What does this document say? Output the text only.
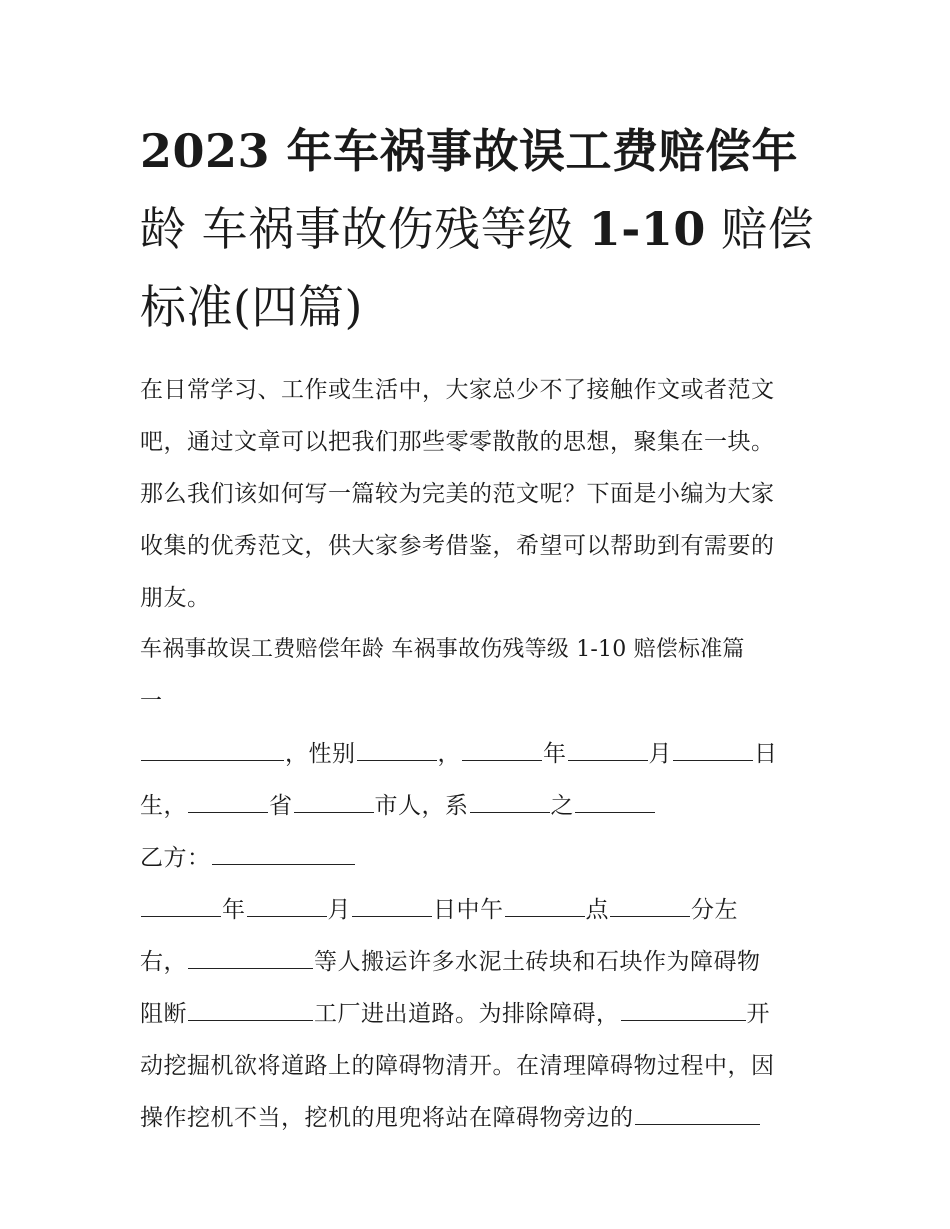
2023 年车祸事故误工费赔偿年
龄 车祸事故伤残等级 1-10 赔偿
标准(四篇)
在日常学习、工作或生活中，大家总少不了接触作文或者范文
吧，通过文章可以把我们那些零零散散的思想，聚集在一块。
那么我们该如何写一篇较为完美的范文呢？下面是小编为大家
收集的优秀范文，供大家参考借鉴，希望可以帮助到有需要的
朋友。
车祸事故误工费赔偿年龄 车祸事故伤残等级 1-10 赔偿标准篇
一
，性别	，	年	月	日
生，	省	市人，系	之
乙方：
年	月	日中午	点	分左
右，	等人搬运许多水泥土砖块和石块作为障碍物
阻断	工厂进出道路。为排除障碍，	开
动挖掘机欲将道路上的障碍物清开。在清理障碍物过程中，因
操作挖机不当，挖机的甩兜将站在障碍物旁边的
